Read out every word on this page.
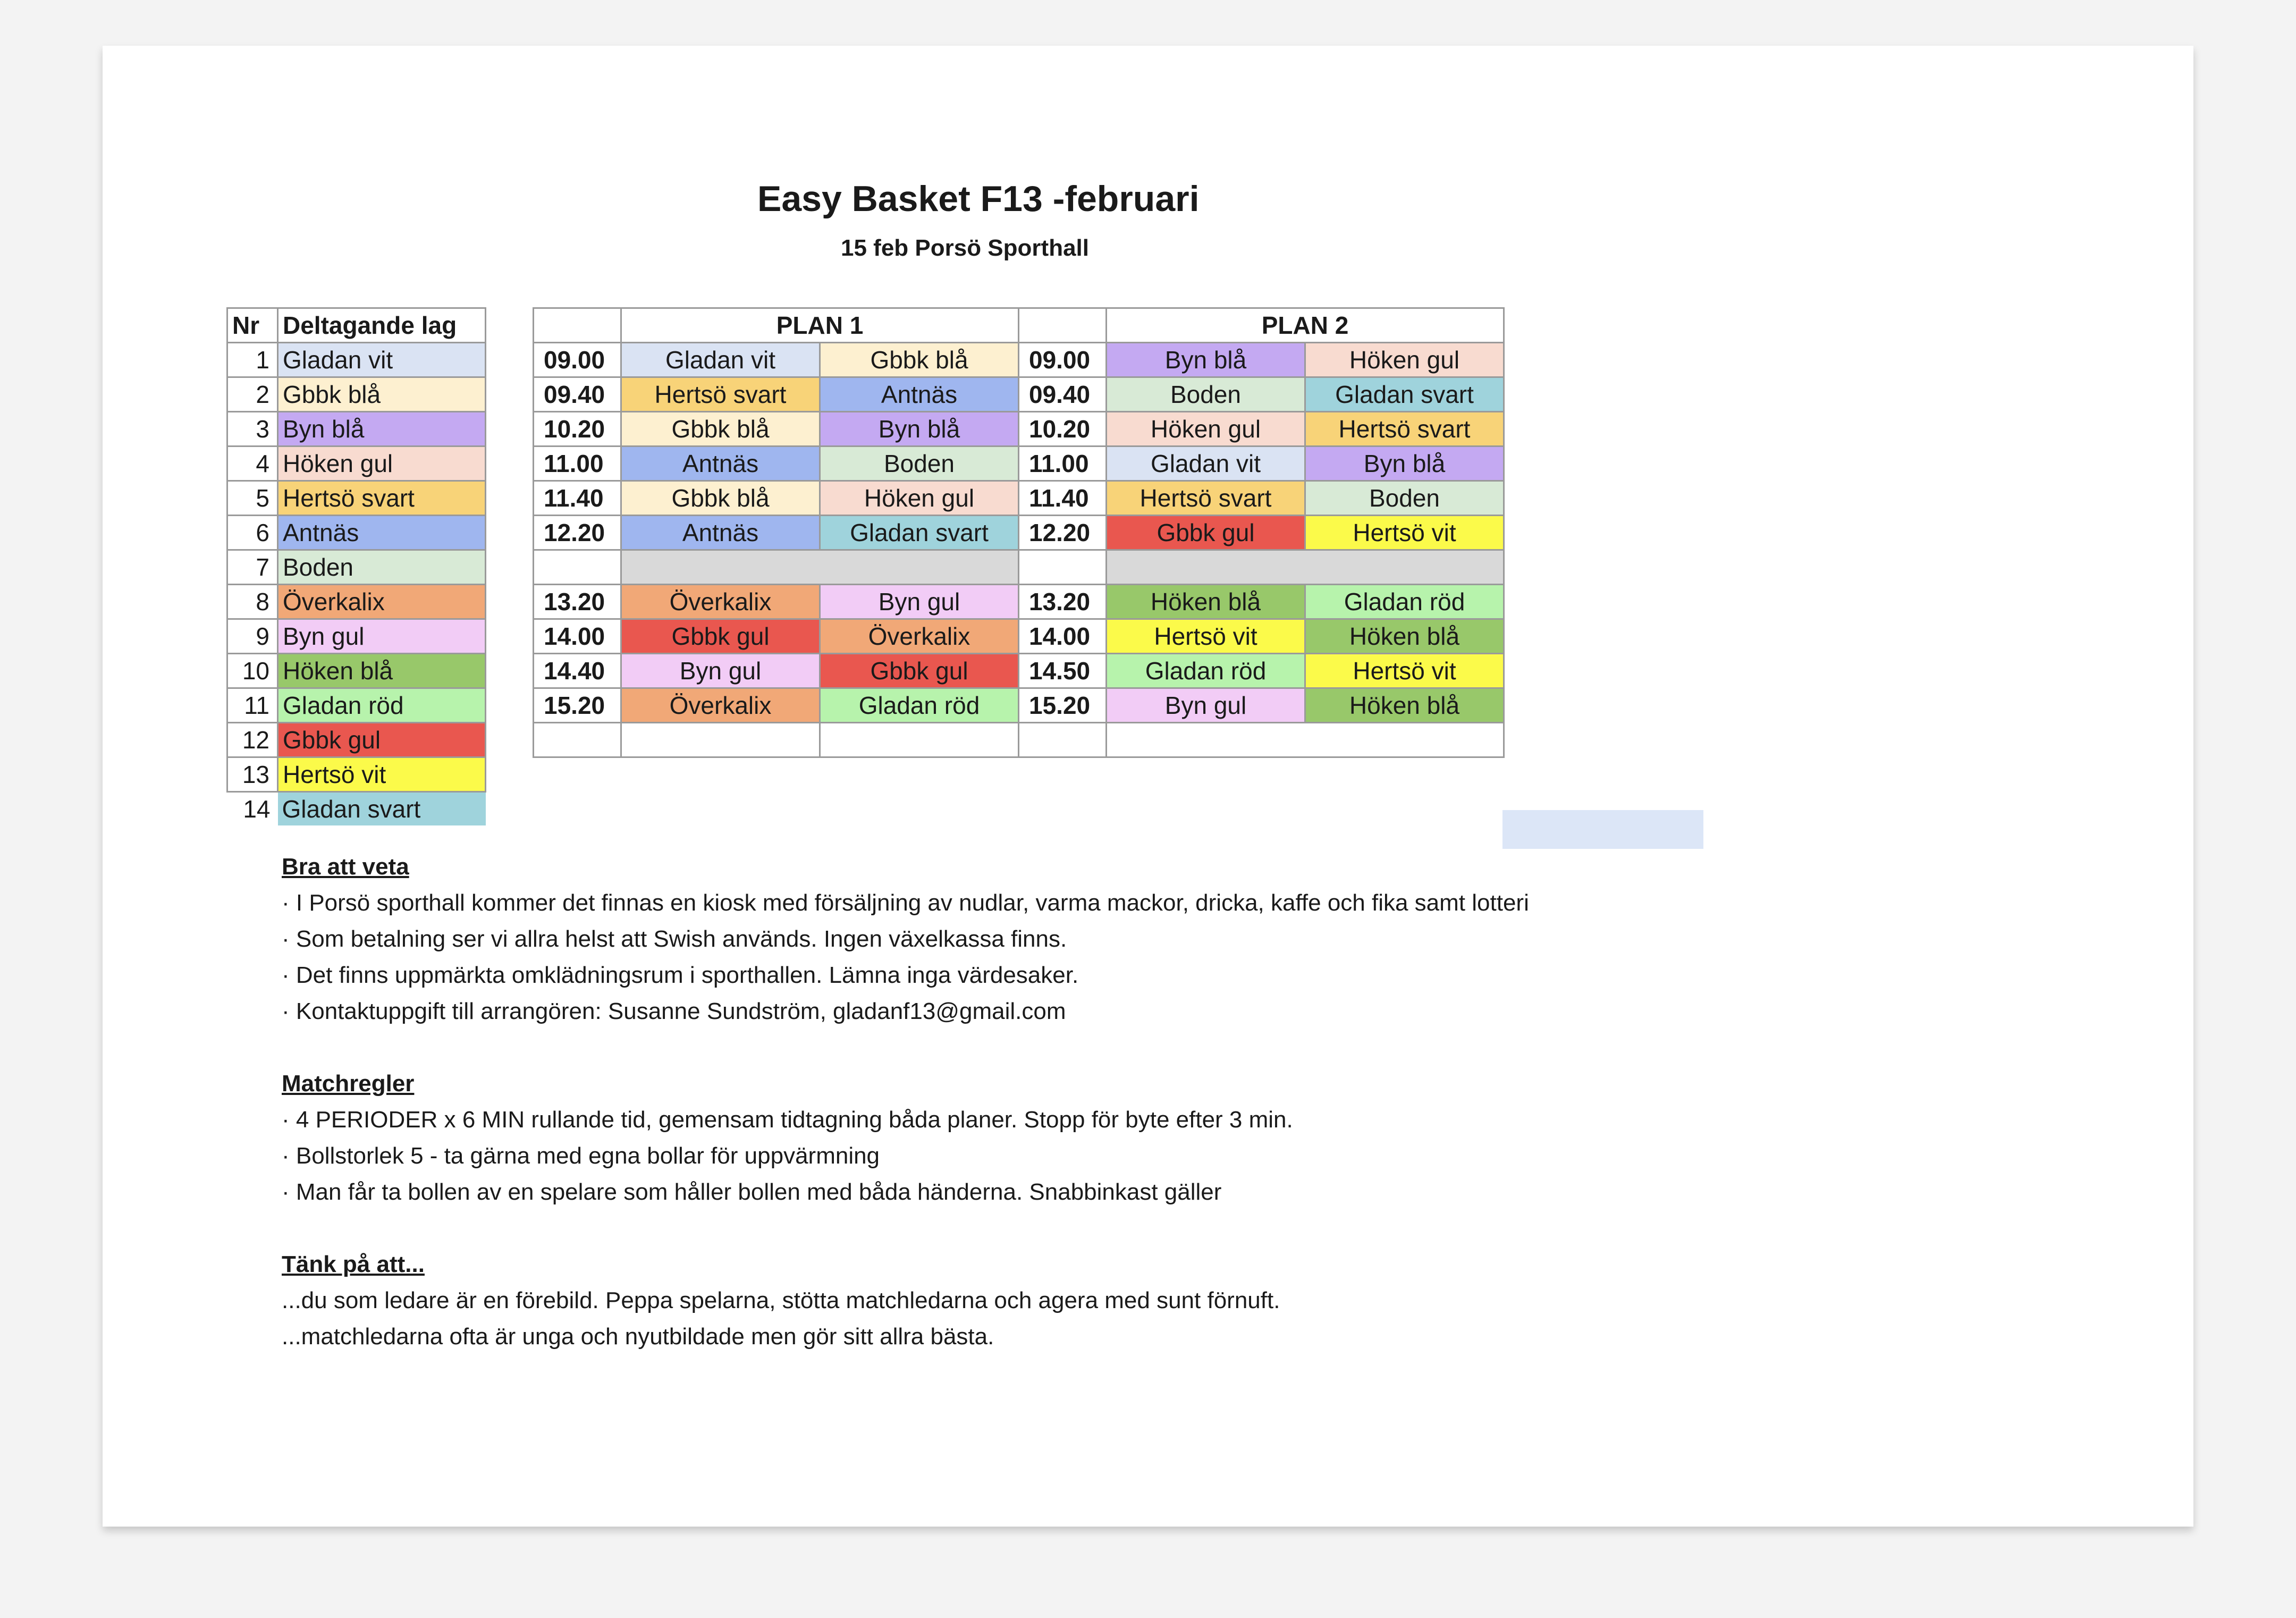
Easy Basket F13 -februari
15 feb Porsö Sporthall
Nr	Deltagande lag
1	Gladan vit
2	Gbbk blå
3	Byn blå
4	Höken gul
5	Hertsö svart
6	Antnäs
7	Boden
8	Överkalix
9	Byn gul
10	Höken blå
11	Gladan röd
12	Gbbk gul
13	Hertsö vit
14	Gladan svart
	PLAN 1			PLAN 2	
09.00	Gladan vit	Gbbk blå	09.00	Byn blå	Höken gul
09.40	Hertsö svart	Antnäs	09.40	Boden	Gladan svart
10.20	Gbbk blå	Byn blå	10.20	Höken gul	Hertsö svart
11.00	Antnäs	Boden	11.00	Gladan vit	Byn blå
11.40	Gbbk blå	Höken gul	11.40	Hertsö svart	Boden
12.20	Antnäs	Gladan svart	12.20	Gbbk gul	Hertsö vit

13.20	Överkalix	Byn gul	13.20	Höken blå	Gladan röd
14.00	Gbbk gul	Överkalix	14.00	Hertsö vit	Höken blå
14.40	Byn gul	Gbbk gul	14.50	Gladan röd	Hertsö vit
15.20	Överkalix	Gladan röd	15.20	Byn gul	Höken blå

Bra att veta
· I Porsö sporthall kommer det finnas en kiosk med försäljning av nudlar, varma mackor, dricka, kaffe och fika samt lotteri
· Som betalning ser vi allra helst att Swish används. Ingen växelkassa finns.
· Det finns uppmärkta omklädningsrum i sporthallen. Lämna inga värdesaker.
· Kontaktuppgift till arrangören: Susanne Sundström, gladanf13@gmail.com
Matchregler
· 4 PERIODER x 6 MIN rullande tid, gemensam tidtagning båda planer. Stopp för byte efter 3 min.
· Bollstorlek 5 - ta gärna med egna bollar för uppvärmning
· Man får ta bollen av en spelare som håller bollen med båda händerna. Snabbinkast gäller
Tänk på att...
...du som ledare är en förebild. Peppa spelarna, stötta matchledarna och agera med sunt förnuft.
...matchledarna ofta är unga och nyutbildade men gör sitt allra bästa.
